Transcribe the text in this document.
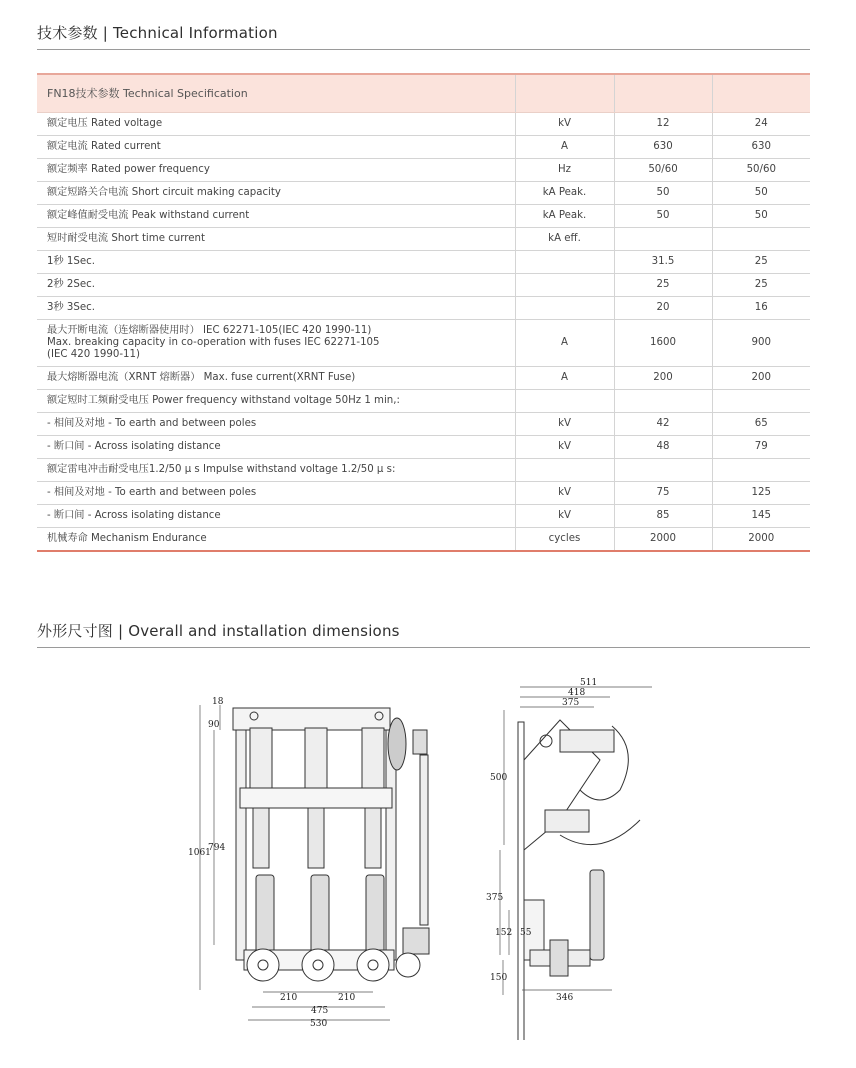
技术参数 | Technical Information
FN18技术参数 Technical Specification			
额定电压 Rated voltage	kV	12	24
额定电流 Rated current	A	630	630
额定频率 Rated power frequency	Hz	50/60	50/60
额定短路关合电流 Short circuit making capacity	kA Peak.	50	50
额定峰值耐受电流 Peak withstand current	kA Peak.	50	50
短时耐受电流 Short time current	kA eff.		
1秒 1Sec.		31.5	25
2秒 2Sec.		25	25
3秒 3Sec.		20	16
最大开断电流（连熔断器使用时） IEC 62271-105(IEC 420 1990-11)
Max. breaking capacity in co-operation with fuses IEC 62271-105
(IEC 420 1990-11)	A	1600	900
最大熔断器电流（XRNT 熔断器） Max. fuse current(XRNT Fuse)	A	200	200
额定短时工频耐受电压 Power frequency withstand voltage 50Hz 1 min,:			
- 相间及对地 - To earth and between poles	kV	42	65
- 断口间 - Across isolating distance	kV	48	79
额定雷电冲击耐受电压1.2/50 μ s Impulse withstand voltage 1.2/50 μ s:			
- 相间及对地 - To earth and between poles	kV	75	125
- 断口间 - Across isolating distance	kV	85	145
机械寿命 Mechanism Endurance	cycles	2000	2000
外形尺寸图 | Overall and installation dimensions
18
90
794
1061
210	210
475
530
511
418
375
500
375
152 55
150
346
